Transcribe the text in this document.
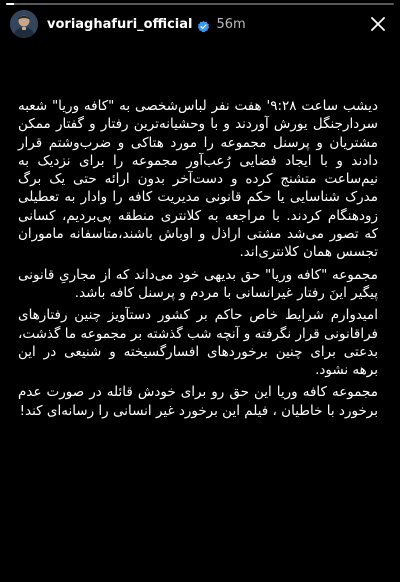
voriaghafuri_official 56m

دیشب ساعت ۹:۲۸' هفت نفر لباس‌شخصی به "کافه وریا" شعبه سردارجنگل یورش آوردند و با وحشیانه‌ترین رفتار و گفتار ممکن مشتریان و پرسنل مجموعه را مورد هتاکی و ضرب‌وشتم قرار دادند و با ایجاد فضایی رُعب‌آور مجموعه را برای نزدیک به نیم‌ساعت متشنج کرده و دست‌آخر بدون ارائه حتی یک برگ مدرک شناسایی یا حکم قانونی مدیریت کافه را وادار به تعطیلی زودهنگام کردند. با مراجعه به کلانتری منطقه پی‌بردیم، کسانی که تصور می‌شد مشتی اراذل و اوباش باشند،متاسفانه ماموران تجسس همان کلانتری‌اند.

مجموعه "کافه وریا" حق بدیهی خود می‌داند که از مجاریِ قانونی پیگیر اینَ رفتار غیرانسانی با مردم و پرسنل کافه باشد.

امیدوارم شرایط خاص حاکم بر کشور دستآویز چنین رفتارهای فراقانونی قرار نگرفته و آنچه شب گذشته بر مجموعه ما گذشت، بدعتی برای چنین برخوردهای افسارگسیخته و شنیعی در این برهه نشود.

مجموعه کافه وریا این حق رو برای خودش قائله در صورت عدم برخورد با خاطیان ، فیلم این برخورد غیر انسانی را رسانه‌ای کند!
